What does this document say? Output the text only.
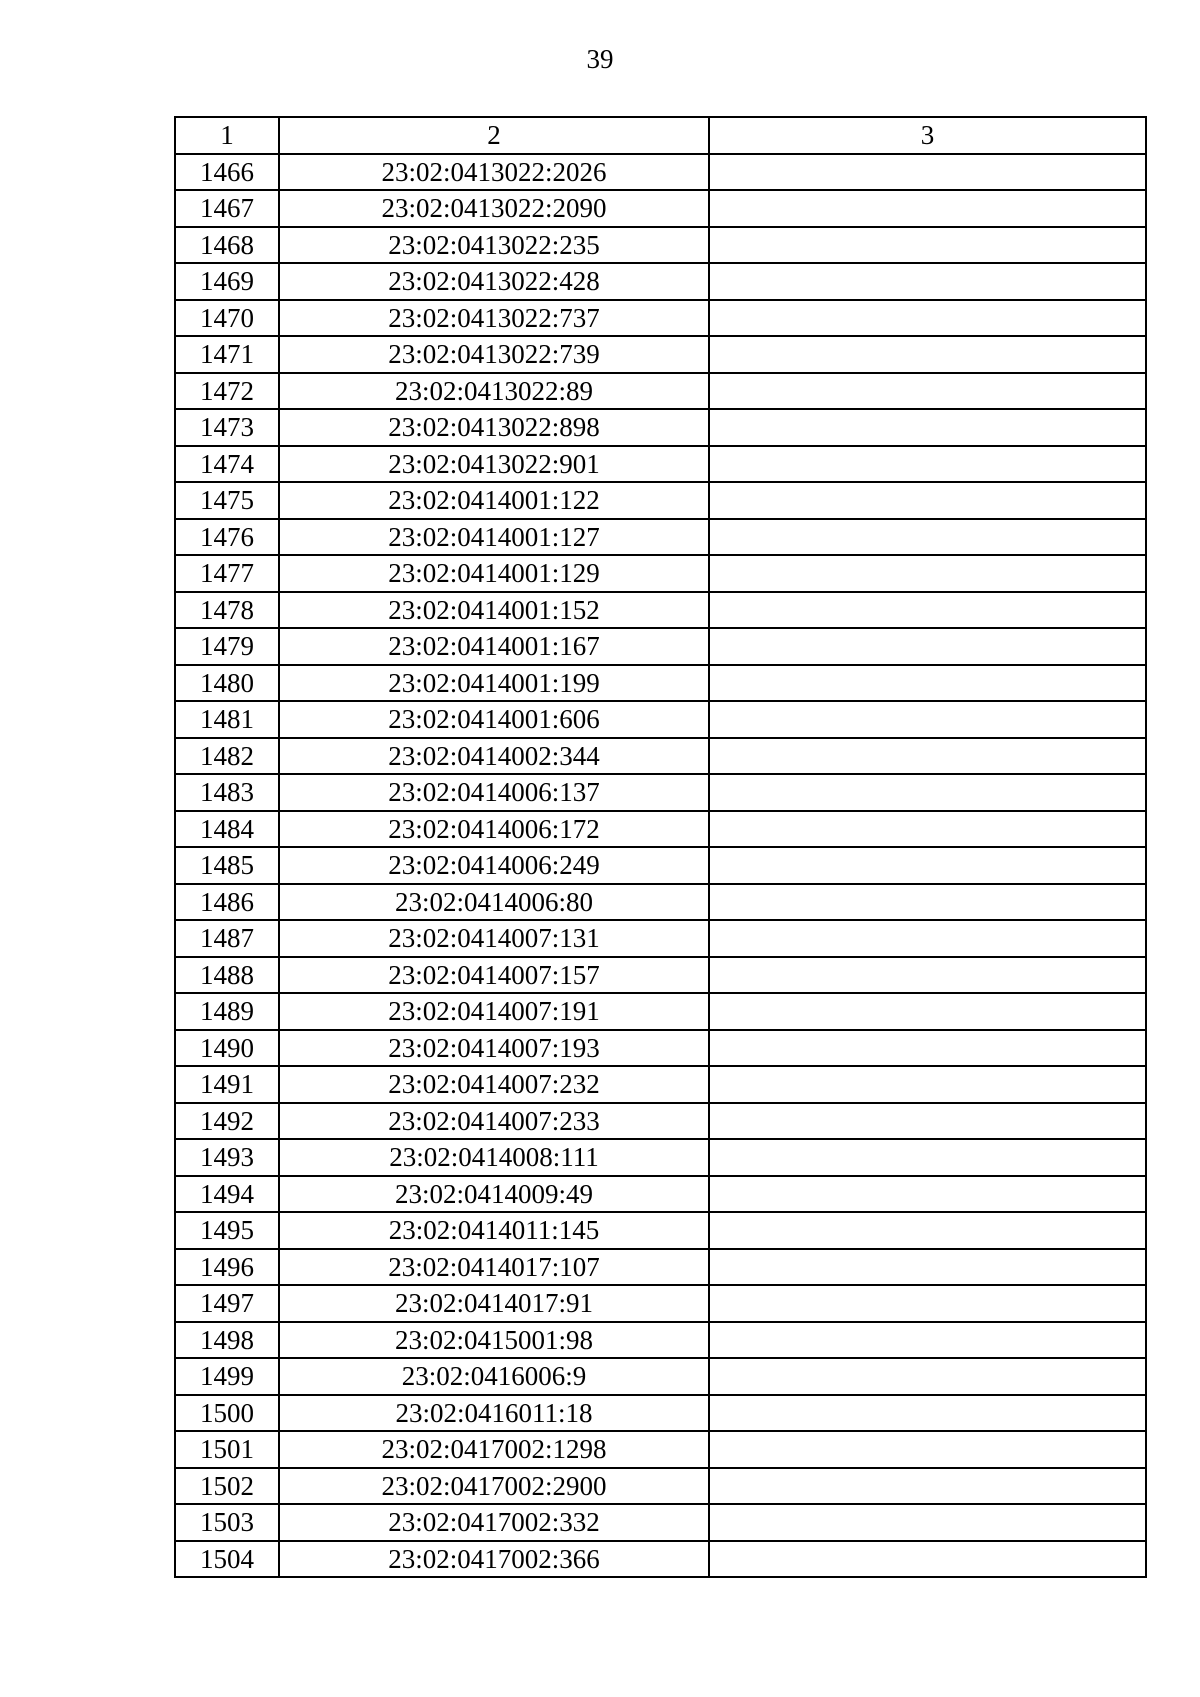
39
1	2	3
1466	23:02:0413022:2026	
1467	23:02:0413022:2090	
1468	23:02:0413022:235	
1469	23:02:0413022:428	
1470	23:02:0413022:737	
1471	23:02:0413022:739	
1472	23:02:0413022:89	
1473	23:02:0413022:898	
1474	23:02:0413022:901	
1475	23:02:0414001:122	
1476	23:02:0414001:127	
1477	23:02:0414001:129	
1478	23:02:0414001:152	
1479	23:02:0414001:167	
1480	23:02:0414001:199	
1481	23:02:0414001:606	
1482	23:02:0414002:344	
1483	23:02:0414006:137	
1484	23:02:0414006:172	
1485	23:02:0414006:249	
1486	23:02:0414006:80	
1487	23:02:0414007:131	
1488	23:02:0414007:157	
1489	23:02:0414007:191	
1490	23:02:0414007:193	
1491	23:02:0414007:232	
1492	23:02:0414007:233	
1493	23:02:0414008:111	
1494	23:02:0414009:49	
1495	23:02:0414011:145	
1496	23:02:0414017:107	
1497	23:02:0414017:91	
1498	23:02:0415001:98	
1499	23:02:0416006:9	
1500	23:02:0416011:18	
1501	23:02:0417002:1298	
1502	23:02:0417002:2900	
1503	23:02:0417002:332	
1504	23:02:0417002:366	
